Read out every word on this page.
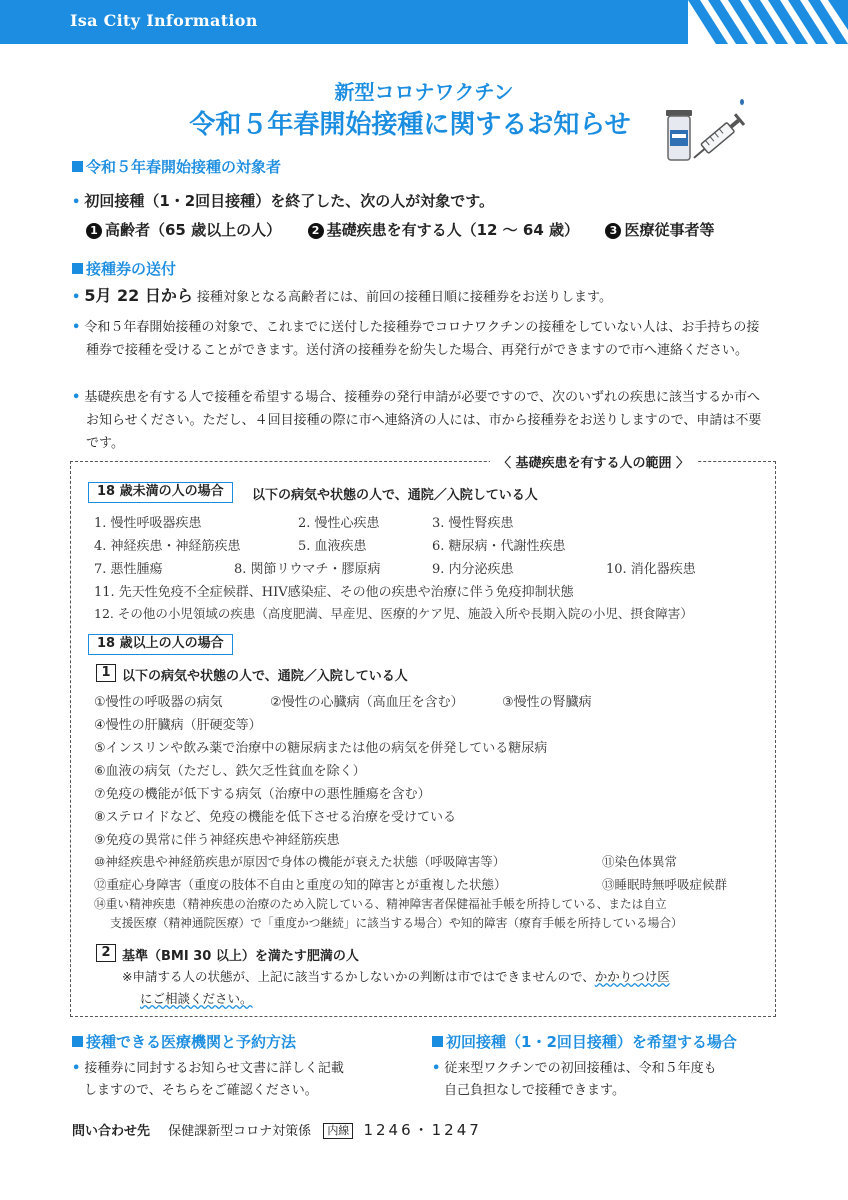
Isa City Information
新型コロナワクチン
令和５年春開始接種に関するお知らせ
令和５年春開始接種の対象者
• 初回接種（1・2回目接種）を終了した、次の人が対象です。
1 高齢者（65 歳以上の人）	2 基礎疾患を有する人（12 ～ 64 歳）	3 医療従事者等
接種券の送付
• 5月 22 日から 接種対象となる高齢者には、前回の接種日順に接種券をお送りします。
• 令和５年春開始接種の対象で、これまでに送付した接種券でコロナワクチンの接種をしていない人は、お手持ちの接種券で接種を受けることができます。送付済の接種券を紛失した場合、再発行ができますので市へ連絡ください。
• 基礎疾患を有する人で接種を希望する場合、接種券の発行申請が必要ですので、次のいずれの疾患に該当するか市へお知らせください。ただし、４回目接種の際に市へ連絡済の人には、市から接種券をお送りしますので、申請は不要です。
〈 基礎疾患を有する人の範囲 〉
18 歳未満の人の場合	以下の病気や状態の人で、通院／入院している人
1. 慢性呼吸器疾患	2. 慢性心疾患	3. 慢性腎疾患
4. 神経疾患・神経筋疾患	5. 血液疾患	6. 糖尿病・代謝性疾患
7. 悪性腫瘍	8. 関節リウマチ・膠原病	9. 内分泌疾患	10. 消化器疾患
11. 先天性免疫不全症候群、HIV感染症、その他の疾患や治療に伴う免疫抑制状態
12. その他の小児領域の疾患（高度肥満、早産児、医療的ケア児、施設入所や長期入院の小児、摂食障害）
18 歳以上の人の場合
1 以下の病気や状態の人で、通院／入院している人
①慢性の呼吸器の病気	②慢性の心臓病（高血圧を含む）	③慢性の腎臓病
④慢性の肝臓病（肝硬変等）
⑤インスリンや飲み薬で治療中の糖尿病または他の病気を併発している糖尿病
⑥血液の病気（ただし、鉄欠乏性貧血を除く）
⑦免疫の機能が低下する病気（治療中の悪性腫瘍を含む）
⑧ステロイドなど、免疫の機能を低下させる治療を受けている
⑨免疫の異常に伴う神経疾患や神経筋疾患
⑩神経疾患や神経筋疾患が原因で身体の機能が衰えた状態（呼吸障害等）	⑪染色体異常
⑫重症心身障害（重度の肢体不自由と重度の知的障害とが重複した状態）	⑬睡眠時無呼吸症候群
⑭重い精神疾患（精神疾患の治療のため入院している、精神障害者保健福祉手帳を所持している、または自立
支援医療（精神通院医療）で「重度かつ継続」に該当する場合）や知的障害（療育手帳を所持している場合）
2 基準（BMI 30 以上）を満たす肥満の人
※申請する人の状態が、上記に該当するかしないかの判断は市ではできませんので、かかりつけ医
にご相談ください。
接種できる医療機関と予約方法
• 接種券に同封するお知らせ文書に詳しく記載
しますので、そちらをご確認ください。
初回接種（1・2回目接種）を希望する場合
• 従来型ワクチンでの初回接種は、令和５年度も
自己負担なしで接種できます。
問い合わせ先 保健課新型コロナ対策係 内線 1246・1247
